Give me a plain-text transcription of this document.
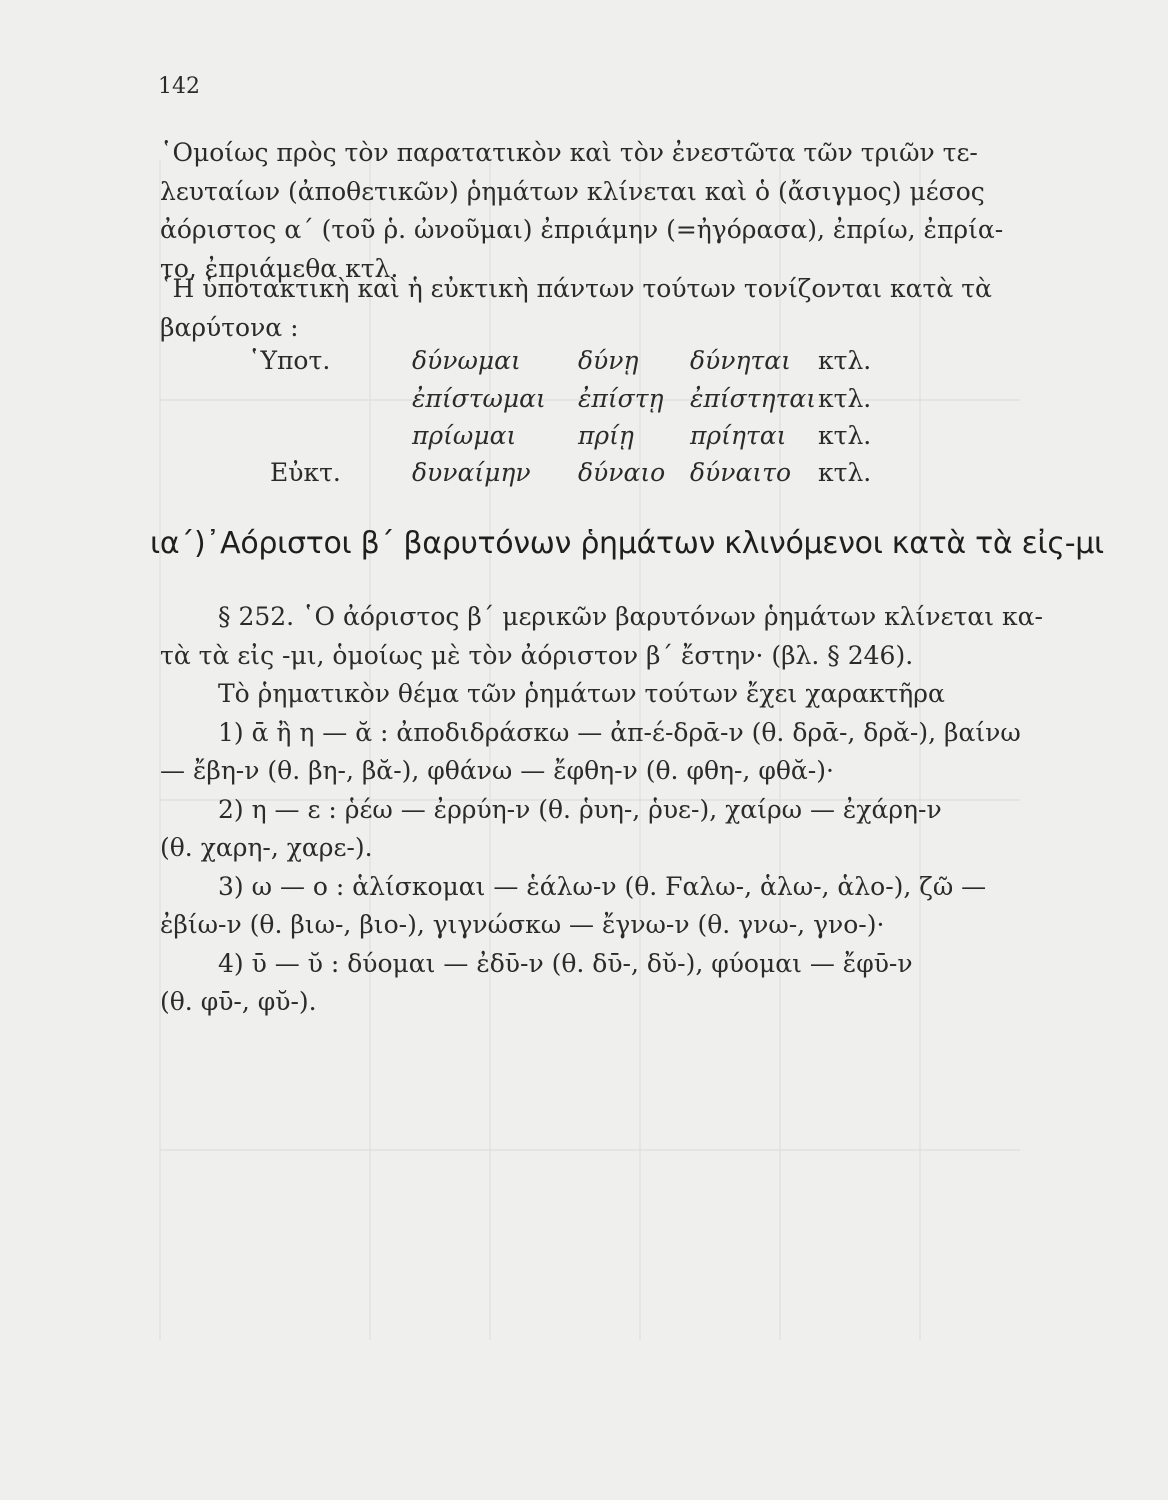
142
῾Ομοίως πρὸς τὸν παρατατικὸν καὶ τὸν ἐνεστῶτα τῶν τριῶν τε-
λευταίων (ἀποθετικῶν) ῥημάτων κλίνεται καὶ ὁ (ἄσιγμος) μέσος
ἀόριστος α΄ (τοῦ ῥ. ὠνοῦμαι) ἐπριάμην (=ἠγόρασα), ἐπρίω, ἐπρία-
το, ἐπριάμεθα κτλ.
῾Η ὑποτακτικὴ καὶ ἡ εὐκτικὴ πάντων τούτων τονίζονται κατὰ τὰ
βαρύτονα :
῾Υποτ.	δύνωμαι δύνῃ δύνηται κτλ.
ἐπίστωμαι ἐπίστῃ ἐπίστηται κτλ.
πρίωμαι πρίῃ πρίηται κτλ.
Εὐκτ.	δυναίμην δύναιο δύναιτο κτλ.
ια΄)᾿Αόριστοι β΄ βαρυτόνων ῥημάτων κλινόμενοι κατὰ τὰ εἰς-μι
§ 252. ῾Ο ἀόριστος β΄ μερικῶν βαρυτόνων ῥημάτων κλίνεται κα-
τὰ τὰ εἰς -μι, ὁμοίως μὲ τὸν ἀόριστον β΄ ἔστην· (βλ. § 246).
Τὸ ῥηματικὸν θέμα τῶν ῥημάτων τούτων ἔχει χαρακτῆρα
1) ᾱ ἢ η — ᾰ : ἀποδιδράσκω — ἀπ-έ-δρᾱ-ν (θ. δρᾱ-, δρᾰ-), βαίνω
— ἔβη-ν (θ. βη-, βᾰ-), φθάνω — ἔφθη-ν (θ. φθη-, φθᾰ-)·
2) η — ε : ῥέω — ἐρρύη-ν (θ. ῥυη-, ῥυε-), χαίρω — ἐχάρη-ν
(θ. χαρη-, χαρε-).
3) ω — ο : ἁλίσκομαι — ἑάλω-ν (θ. Ϝαλω-, ἁλω-, ἁλο-), ζῶ —
ἐβίω-ν (θ. βιω-, βιο-), γιγνώσκω — ἔγνω-ν (θ. γνω-, γνο-)·
4) ῡ — ῠ : δύομαι — ἐδῡ-ν (θ. δῡ-, δῠ-), φύομαι — ἔφῡ-ν
(θ. φῡ-, φῠ-).
